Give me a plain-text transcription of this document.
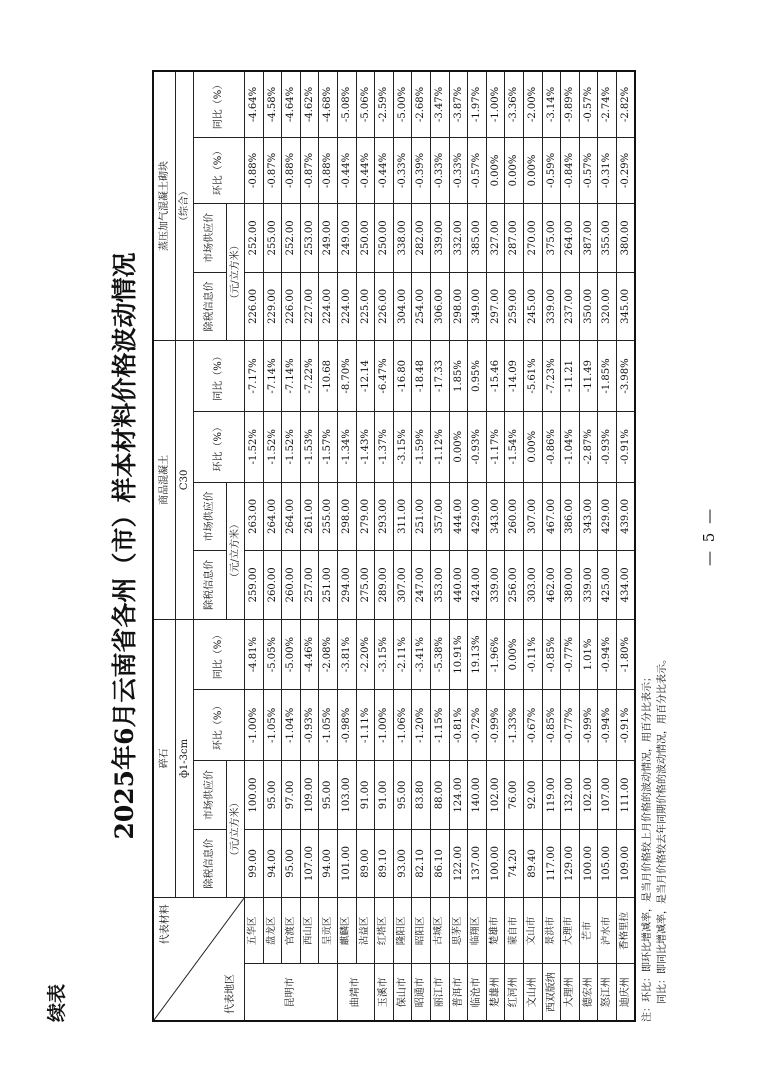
续表
— 5 —
2025年6月云南省各州（市）样本材料价格波动情况
代表材料
代表地区		碎石				商品混凝土				蒸压加气混凝土砌块			
		ф1-3cm				C30				（综合）			
		除税信息价	市场供应价	环比（%）	同比（%）	除税信息价	市场供应价	环比（%）	同比（%）	除税信息价	市场供应价	环比（%）	同比（%）
		（元/立方米）				（元/立方米）				（元/立方米）			
昆明市	五华区	99.00	100.00	-1.00%	-4.81%	259.00	263.00	-1.52%	-7.17%	226.00	252.00	-0.88%	-4.64%
	盘龙区	94.00	95.00	-1.05%	-5.05%	260.00	264.00	-1.52%	-7.14%	229.00	255.00	-0.87%	-4.58%
	官渡区	95.00	97.00	-1.04%	-5.00%	260.00	264.00	-1.52%	-7.14%	226.00	252.00	-0.88%	-4.64%
	西山区	107.00	109.00	-0.93%	-4.46%	257.00	261.00	-1.53%	-7.22%	227.00	253.00	-0.87%	-4.62%
	呈贡区	94.00	95.00	-1.05%	-2.08%	251.00	255.00	-1.57%	-10.68	224.00	249.00	-0.88%	-4.68%
曲靖市	麒麟区	101.00	103.00	-0.98%	-3.81%	294.00	298.00	-1.34%	-8.70%	224.00	249.00	-0.44%	-5.08%
	沾益区	89.00	91.00	-1.11%	-2.20%	275.00	279.00	-1.43%	-12.14	225.00	250.00	-0.44%	-5.06%
玉溪市	红塔区	89.10	91.00	-1.00%	-3.15%	289.00	293.00	-1.37%	-6.47%	226.00	250.00	-0.44%	-2.59%
保山市	隆阳区	93.00	95.00	-1.06%	-2.11%	307.00	311.00	-3.15%	-16.80	304.00	338.00	-0.33%	-5.00%
昭通市	昭阳区	82.10	83.80	-1.20%	-3.41%	247.00	251.00	-1.59%	-18.48	254.00	282.00	-0.39%	-2.68%
丽江市	古城区	86.10	88.00	-1.15%	-5.38%	353.00	357.00	-1.12%	-17.33	306.00	339.00	-0.33%	-3.47%
普洱市	思茅区	122.00	124.00	-0.81%	10.91%	440.00	444.00	0.00%	1.85%	298.00	332.00	-0.33%	-3.87%
临沧市	临翔区	137.00	140.00	-0.72%	19.13%	424.00	429.00	-0.93%	0.95%	349.00	385.00	-0.57%	-1.97%
楚雄州	楚雄市	100.00	102.00	-0.99%	-1.96%	339.00	343.00	-1.17%	-15.46	297.00	327.00	0.00%	-1.00%
红河州	蒙自市	74.20	76.00	-1.33%	0.00%	256.00	260.00	-1.54%	-14.09	259.00	287.00	0.00%	-3.36%
文山州	文山市	89.40	92.00	-0.67%	-0.11%	303.00	307.00	0.00%	-5.61%	245.00	270.00	0.00%	-2.00%
西双版纳	景洪市	117.00	119.00	-0.85%	-0.85%	462.00	467.00	-0.86%	-7.23%	339.00	375.00	-0.59%	-3.14%
大理州	大理市	129.00	132.00	-0.77%	-0.77%	380.00	386.00	-1.04%	-11.21	237.00	264.00	-0.84%	-9.89%
德宏州	芒市	100.00	102.00	-0.99%	1.01%	339.00	343.00	-2.87%	-11.49	350.00	387.00	-0.57%	-0.57%
怒江州	泸水市	105.00	107.00	-0.94%	-0.94%	425.00	429.00	-0.93%	-1.85%	320.00	355.00	-0.31%	-2.74%
迪庆州	香格里拉	109.00	111.00	-0.91%	-1.80%	434.00	439.00	-0.91%	-3.98%	345.00	380.00	-0.29%	-2.82%
注：环比：即环比增减率，是当月价格较上月价格的波动情况，用百分比表示； 同比：即同比增减率，是当月价格较去年同期价格的波动情况，用百分比表示。
